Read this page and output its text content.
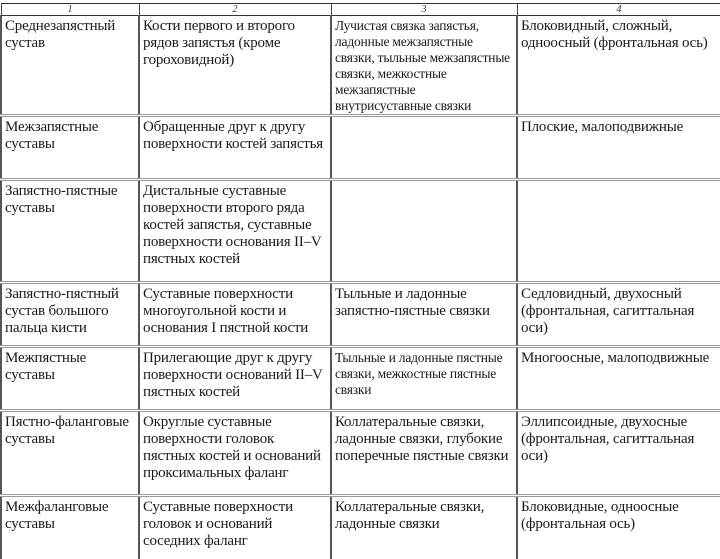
1	2	3	4

Среднезапястный сустав	Кости первого и второго рядов запястья (кроме гороховидной)	Лучистая связка запястья, ладонные межзапястные связки, тыльные межзапястные связки, межкостные межзапястные внутрисуставные связки	Блоковидный, сложный, одноосный (фронтальная ось)

Межзапястные суставы	Обращенные друг к другу поверхности костей запястья		Плоские, малоподвижные

Запястно-пястные суставы	Дистальные суставные поверхности второго ряда костей запястья, суставные поверхности основания II–V пястных костей		

Запястно-пястный сустав большого пальца кисти	Суставные поверхности многоугольной кости и основания I пястной кости	Тыльные и ладонные запястно-пястные связки	Седловидный, двухосный (фронтальная, сагиттальная оси)

Межпястные суставы	Прилегающие друг к другу поверхности оснований II–V пястных костей	Тыльные и ладонные пястные связки, межкостные пястные связки	Многоосные, малоподвижные

Пястно-фаланговые суставы	Округлые суставные поверхности головок пястных костей и оснований проксимальных фаланг	Коллатеральные связки, ладонные связки, глубокие поперечные пястные связки	Эллипсоидные, двухосные (фронтальная, сагиттальная оси)

Межфаланговые суставы	Суставные поверхности головок и оснований соседних фаланг	Коллатеральные связки, ладонные связки	Блоковидные, одноосные (фронтальная ось)
